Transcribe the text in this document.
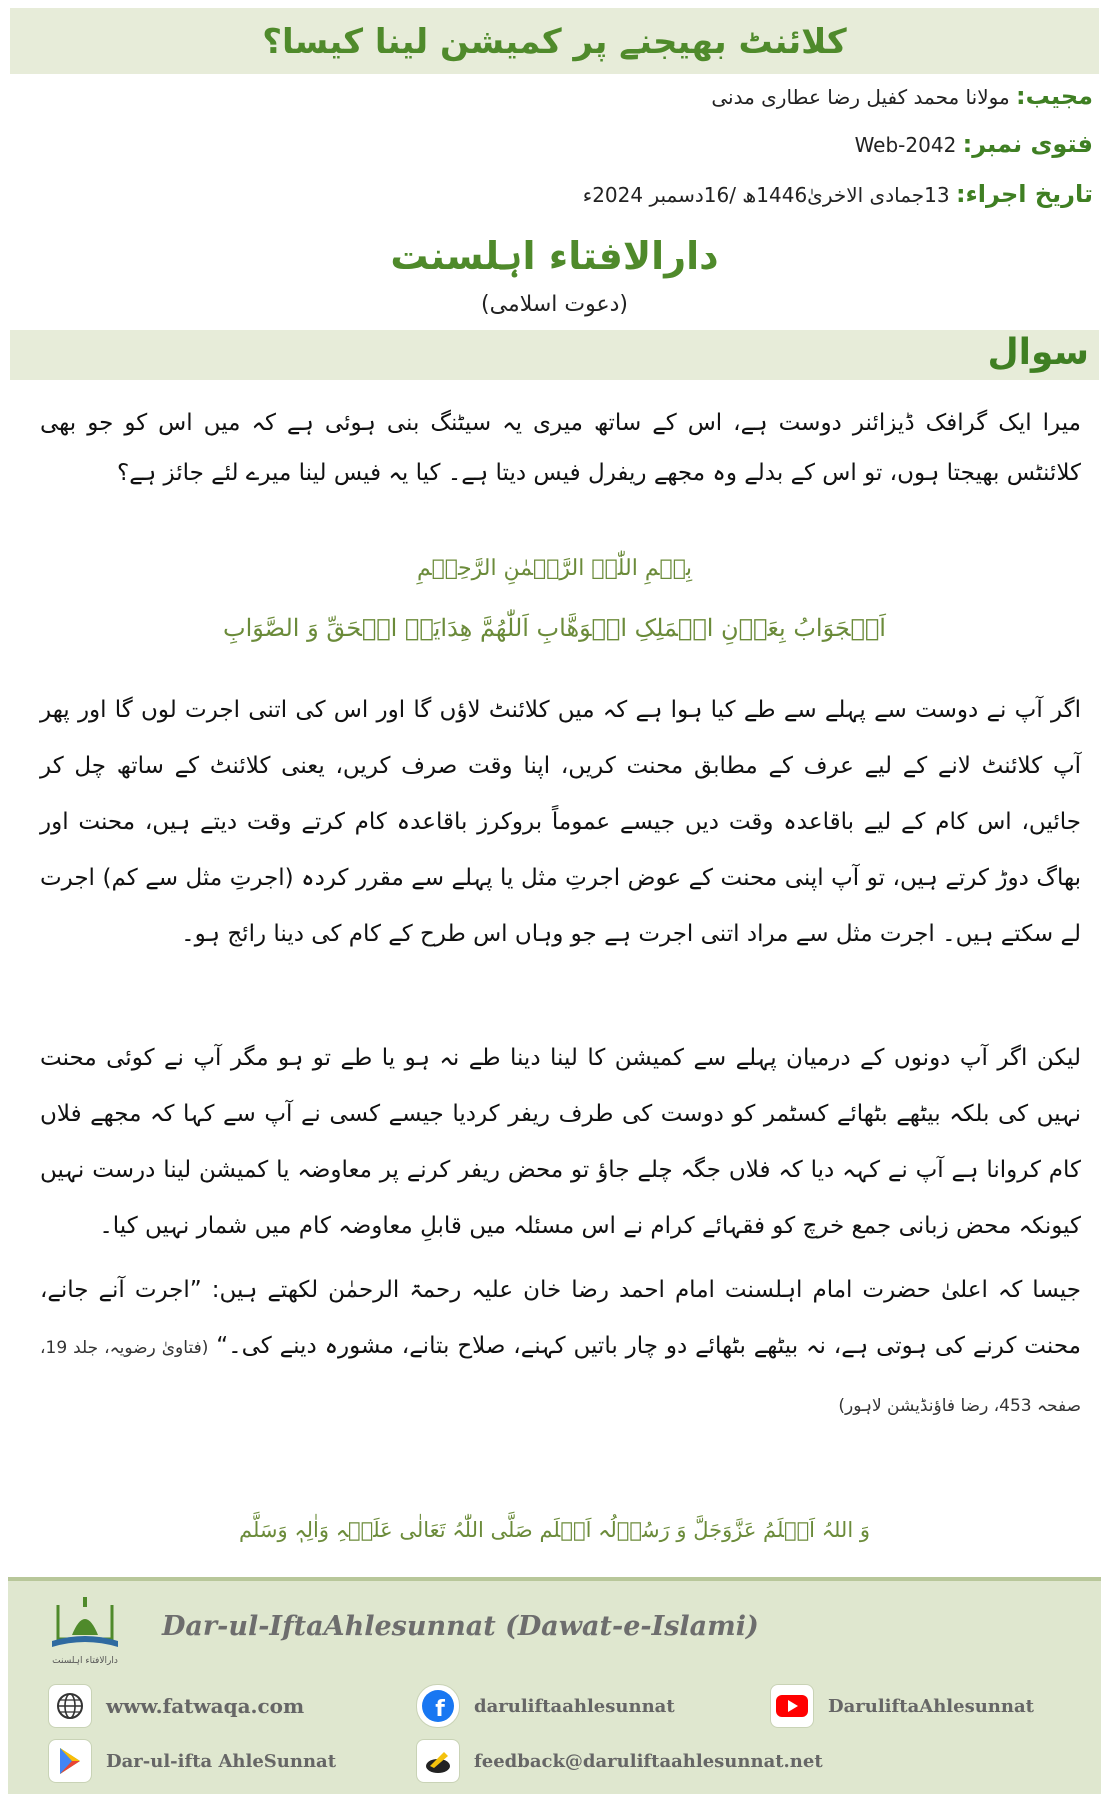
کلائنٹ بھیجنے پر کمیشن لینا کیسا؟
مجیب: مولانا محمد کفیل رضا عطاری مدنی
فتوی نمبر: Web-2042
تاریخ اجراء: 13جمادی الاخریٰ1446ھ /16دسمبر 2024ء
دارالافتاء اہلسنت
(دعوت اسلامی)
سوال
میرا ایک گرافک ڈیزائنر دوست ہے، اس کے ساتھ میری یہ سیٹنگ بنی ہوئی ہے کہ میں اس کو جو بھی کلائنٹس بھیجتا ہوں، تو اس کے بدلے وہ مجھے ریفرل فیس دیتا ہے۔ کیا یہ فیس لینا میرے لئے جائز ہے؟
بِسۡمِ اللّٰہِ الرَّحۡمٰنِ الرَّحِیۡمِ
اَلۡجَوَابُ بِعَوۡنِ الۡمَلِکِ الۡوَھَّابِ اَللّٰھُمَّ ھِدَایَۃَ الۡحَقِّ وَ الصَّوَابِ
اگر آپ نے دوست سے پہلے سے طے کیا ہوا ہے کہ میں کلائنٹ لاؤں گا اور اس کی اتنی اجرت لوں گا اور پھر آپ کلائنٹ لانے کے لیے عرف کے مطابق محنت کریں، اپنا وقت صرف کریں، یعنی کلائنٹ کے ساتھ چل کر جائیں، اس کام کے لیے باقاعدہ وقت دیں جیسے عموماً بروکرز باقاعدہ کام کرتے وقت دیتے ہیں، محنت اور بھاگ دوڑ کرتے ہیں، تو آپ اپنی محنت کے عوض اجرتِ مثل یا پہلے سے مقرر کردہ (اجرتِ مثل سے کم) اجرت لے سکتے ہیں۔ اجرت مثل سے مراد اتنی اجرت ہے جو وہاں اس طرح کے کام کی دینا رائج ہو۔
لیکن اگر آپ دونوں کے درمیان پہلے سے کمیشن کا لینا دینا طے نہ ہو یا طے تو ہو مگر آپ نے کوئی محنت نہیں کی بلکہ بیٹھے بٹھائے کسٹمر کو دوست کی طرف ریفر کردیا جیسے کسی نے آپ سے کہا کہ مجھے فلاں کام کروانا ہے آپ نے کہہ دیا کہ فلاں جگہ چلے جاؤ تو محض ریفر کرنے پر معاوضہ یا کمیشن لینا درست نہیں کیونکہ محض زبانی جمع خرچ کو فقہائے کرام نے اس مسئلہ میں قابلِ معاوضہ کام میں شمار نہیں کیا۔
جیسا کہ اعلیٰ حضرت امام اہلسنت امام احمد رضا خان علیہ رحمۃ الرحمٰن لکھتے ہیں: ”اجرت آنے جانے، محنت کرنے کی ہوتی ہے، نہ بیٹھے بٹھائے دو چار باتیں کہنے، صلاح بتانے، مشورہ دینے کی۔“ (فتاویٰ رضویہ، جلد 19، صفحہ 453، رضا فاؤنڈیشن لاہور)
وَ اللہُ اَعۡلَمُ عَزَّوَجَلَّ وَ رَسُوۡلُہ اَعۡلَم صَلَّی اللّٰہُ تَعَالٰی عَلَیۡہِ وَاٰلِہٖ وَسَلَّم
دارالافتاء اہلسنت
Dar-ul-IftaAhlesunnat (Dawat-e-Islami)
www.fatwaqa.com
Dar-ul-ifta AhleSunnat
f daruliftaahlesunnat
feedback@daruliftaahlesunnat.net
DaruliftaAhlesunnat
